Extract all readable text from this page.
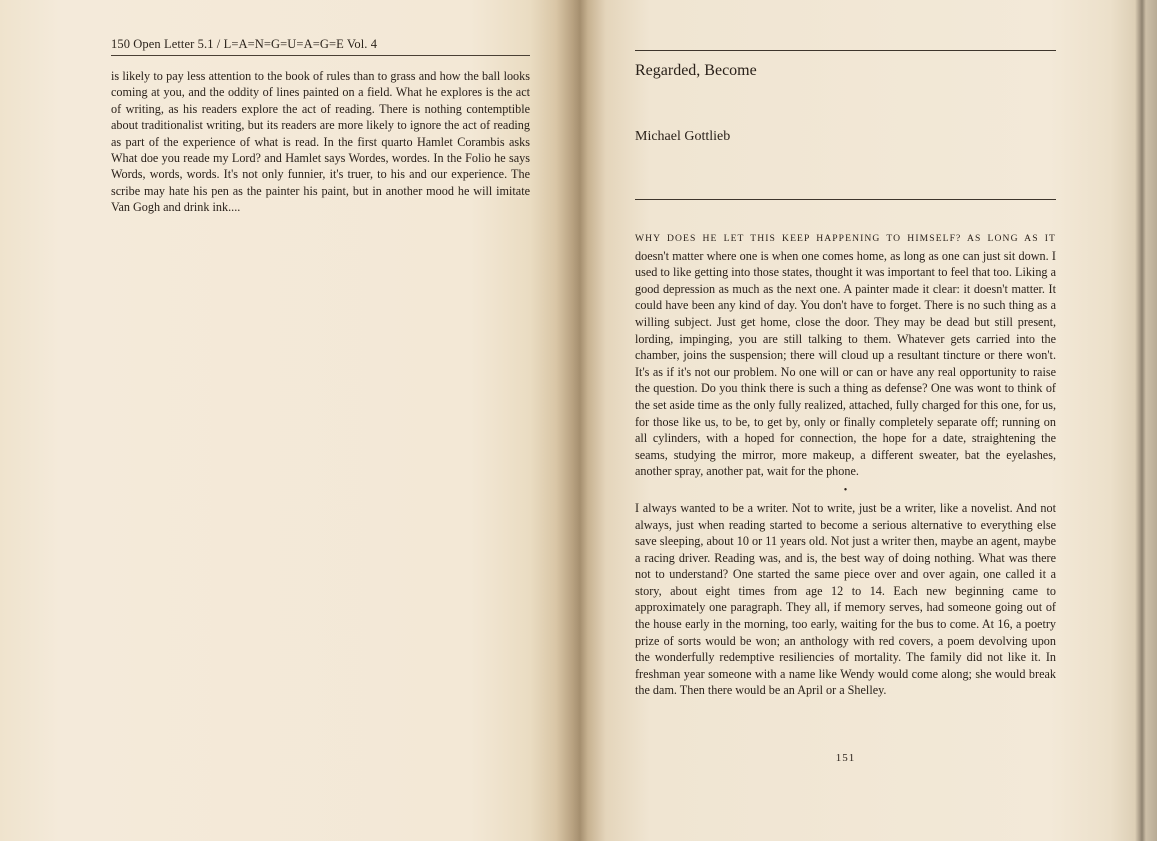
150 Open Letter 5.1 / L=A=N=G=U=A=G=E Vol. 4

is likely to pay less attention to the book of rules than to grass and how the ball looks coming at you, and the oddity of lines painted on a field. What he explores is the act of writing, as his readers explore the act of reading. There is nothing contemptible about traditionalist writing, but its readers are more likely to ignore the act of reading as part of the experience of what is read. In the first quarto Hamlet Corambis asks What doe you reade my Lord? and Hamlet says Wordes, wordes. In the Folio he says Words, words, words. It's not only funnier, it's truer, to his and our experience. The scribe may hate his pen as the painter his paint, but in another mood he will imitate Van Gogh and drink ink....

Regarded, Become
Michael Gottlieb

WHY DOES HE LET THIS KEEP HAPPENING TO HIMSELF? AS LONG AS IT doesn't matter where one is when one comes home, as long as one can just sit down. I used to like getting into those states, thought it was important to feel that too. Liking a good depression as much as the next one. A painter made it clear: it doesn't matter. It could have been any kind of day. You don't have to forget. There is no such thing as a willing subject. Just get home, close the door. They may be dead but still present, lording, impinging, you are still talking to them. Whatever gets carried into the chamber, joins the suspension; there will cloud up a resultant tincture or there won't. It's as if it's not our problem. No one will or can or have any real opportunity to raise the question. Do you think there is such a thing as defense? One was wont to think of the set aside time as the only fully realized, attached, fully charged for this one, for us, for those like us, to be, to get by, only or finally completely separate off; running on all cylinders, with a hoped for connection, the hope for a date, straightening the seams, studying the mirror, more makeup, a different sweater, bat the eyelashes, another spray, another pat, wait for the phone.

•

I always wanted to be a writer. Not to write, just be a writer, like a novelist. And not always, just when reading started to become a serious alternative to everything else save sleeping, about 10 or 11 years old. Not just a writer then, maybe an agent, maybe a racing driver. Reading was, and is, the best way of doing nothing. What was there not to understand? One started the same piece over and over again, one called it a story, about eight times from age 12 to 14. Each new beginning came to approximately one paragraph. They all, if memory serves, had someone going out of the house early in the morning, too early, waiting for the bus to come. At 16, a poetry prize of sorts would be won; an anthology with red covers, a poem devolving upon the wonderfully redemptive resiliencies of mortality. The family did not like it. In freshman year someone with a name like Wendy would come along; she would break the dam. Then there would be an April or a Shelley.

151
